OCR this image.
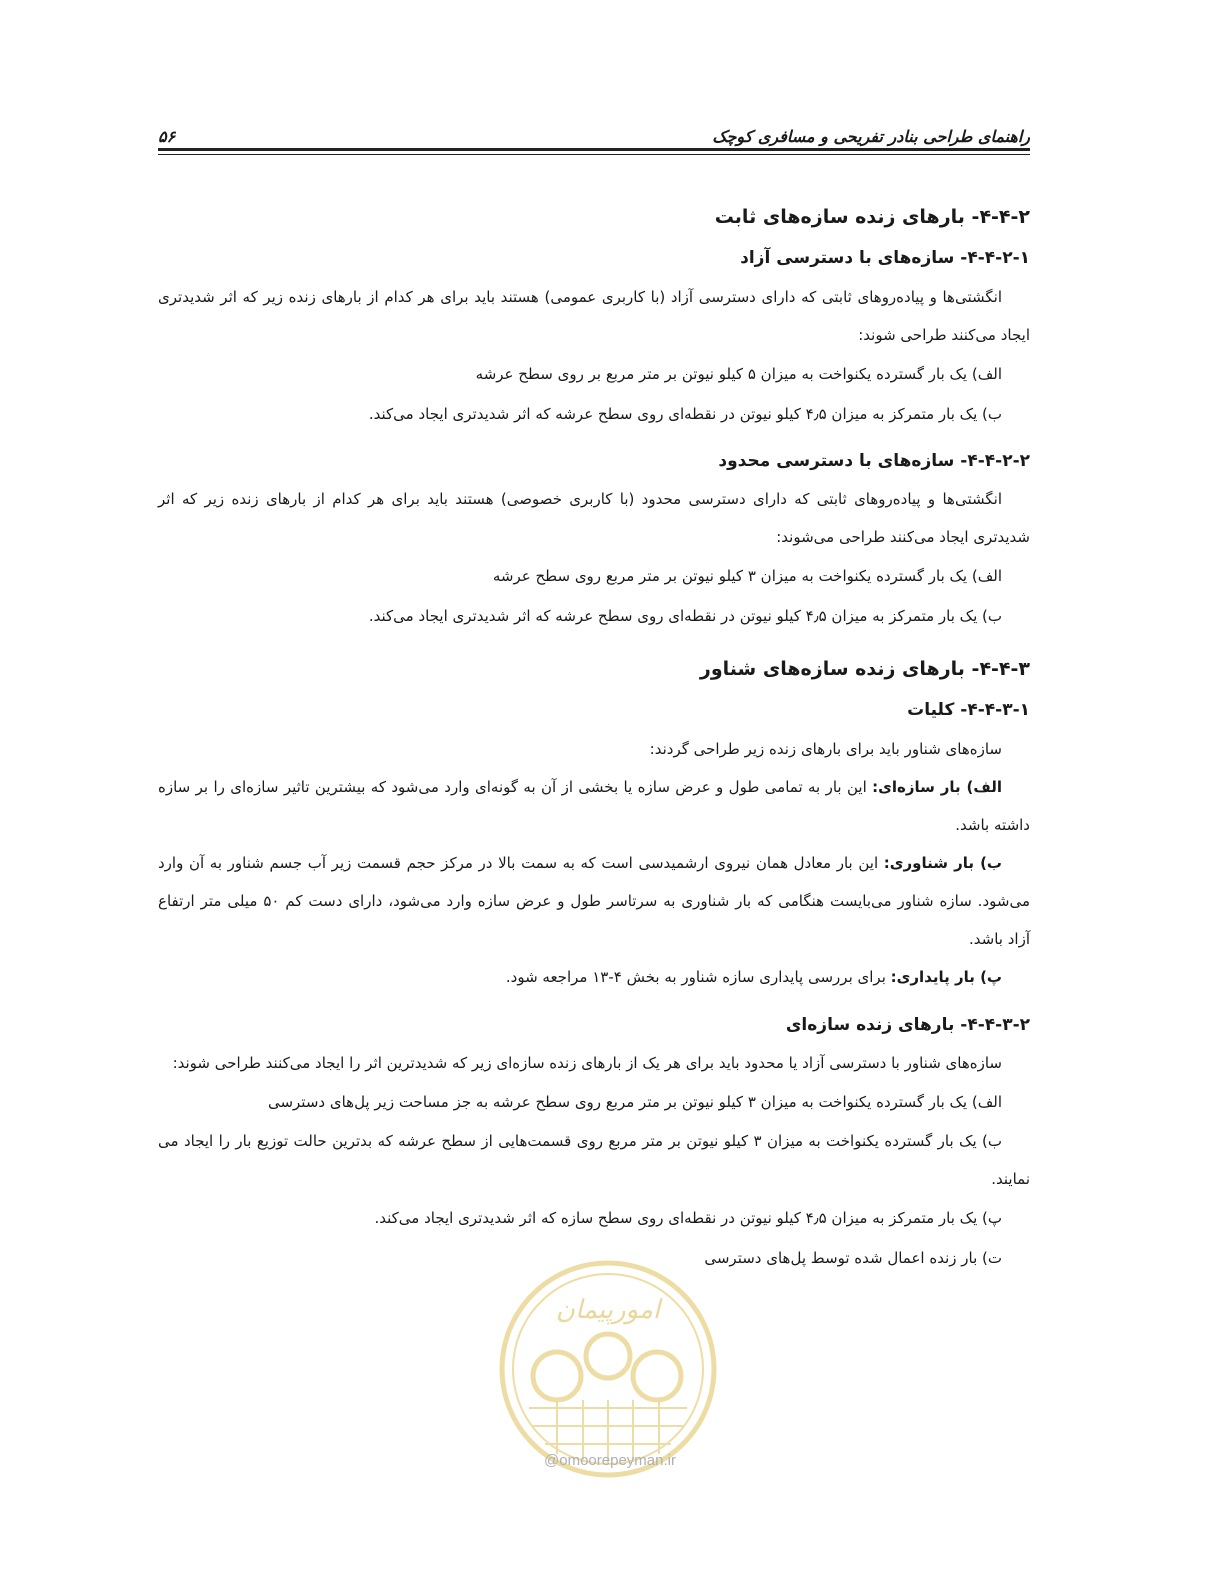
راهنمای طراحی بنادر تفریحی و مسافری کوچک
۵۶
۴-۴-۲- بارهای زنده سازه‌های ثابت
۴-۴-۲-۱- سازه‌های با دسترسی آزاد

انگشتی‌ها و پیاده‌روهای ثابتی که دارای دسترسی آزاد (با کاربری عمومی) هستند باید برای هر کدام از بارهای زنده زیر که اثر شدیدتری ایجاد می‌کنند طراحی شوند:

الف) یک بار گسترده یکنواخت به میزان ۵ کیلو نیوتن بر متر مربع بر روی سطح عرشه

ب) یک بار متمرکز به میزان ۴٫۵ کیلو نیوتن در نقطه‌ای روی سطح عرشه که اثر شدیدتری ایجاد می‌کند.

۴-۴-۲-۲- سازه‌های با دسترسی محدود

انگشتی‌ها و پیاده‌روهای ثابتی که دارای دسترسی محدود (با کاربری خصوصی) هستند باید برای هر کدام از بارهای زنده زیر که اثر شدیدتری ایجاد می‌کنند طراحی می‌شوند:

الف) یک بار گسترده یکنواخت به میزان ۳ کیلو نیوتن بر متر مربع روی سطح عرشه

ب) یک بار متمرکز به میزان ۴٫۵ کیلو نیوتن در نقطه‌ای روی سطح عرشه که اثر شدیدتری ایجاد می‌کند.

۴-۴-۳- بارهای زنده سازه‌های شناور
۴-۴-۳-۱- کلیات

سازه‌های شناور باید برای بارهای زنده زیر طراحی گردند:

الف) بار سازه‌ای: این بار به تمامی طول و عرض سازه یا بخشی از آن به گونه‌ای وارد می‌شود که بیشترین تاثیر سازه‌ای را بر سازه داشته باشد.

ب) بار شناوری: این بار معادل همان نیروی ارشمیدسی است که به سمت بالا در مرکز حجم قسمت زیر آب جسم شناور به آن وارد می‌شود. سازه شناور می‌بایست هنگامی که بار شناوری به سرتاسر طول و عرض سازه وارد می‌شود، دارای دست کم ۵۰ میلی متر ارتفاع آزاد باشد.

پ) بار پایداری: برای بررسی پایداری سازه شناور به بخش ۴-۱۳ مراجعه شود.

۴-۴-۳-۲- بارهای زنده سازه‌ای

سازه‌های شناور با دسترسی آزاد یا محدود باید برای هر یک از بارهای زنده سازه‌ای زیر که شدیدترین اثر را ایجاد می‌کنند طراحی شوند:

الف) یک بار گسترده یکنواخت به میزان ۳ کیلو نیوتن بر متر مربع روی سطح عرشه به جز مساحت زیر پل‌های دسترسی

ب) یک بار گسترده یکنواخت به میزان ۳ کیلو نیوتن بر متر مربع روی قسمت‌هایی از سطح عرشه که بدترین حالت توزیع بار را ایجاد می نمایند.

پ) یک بار متمرکز به میزان ۴٫۵ کیلو نیوتن در نقطه‌ای روی سطح سازه که اثر شدیدتری ایجاد می‌کند.

ت) بار زنده اعمال شده توسط پل‌های دسترسی

امورپیمان
@omoorepeyman.ir
